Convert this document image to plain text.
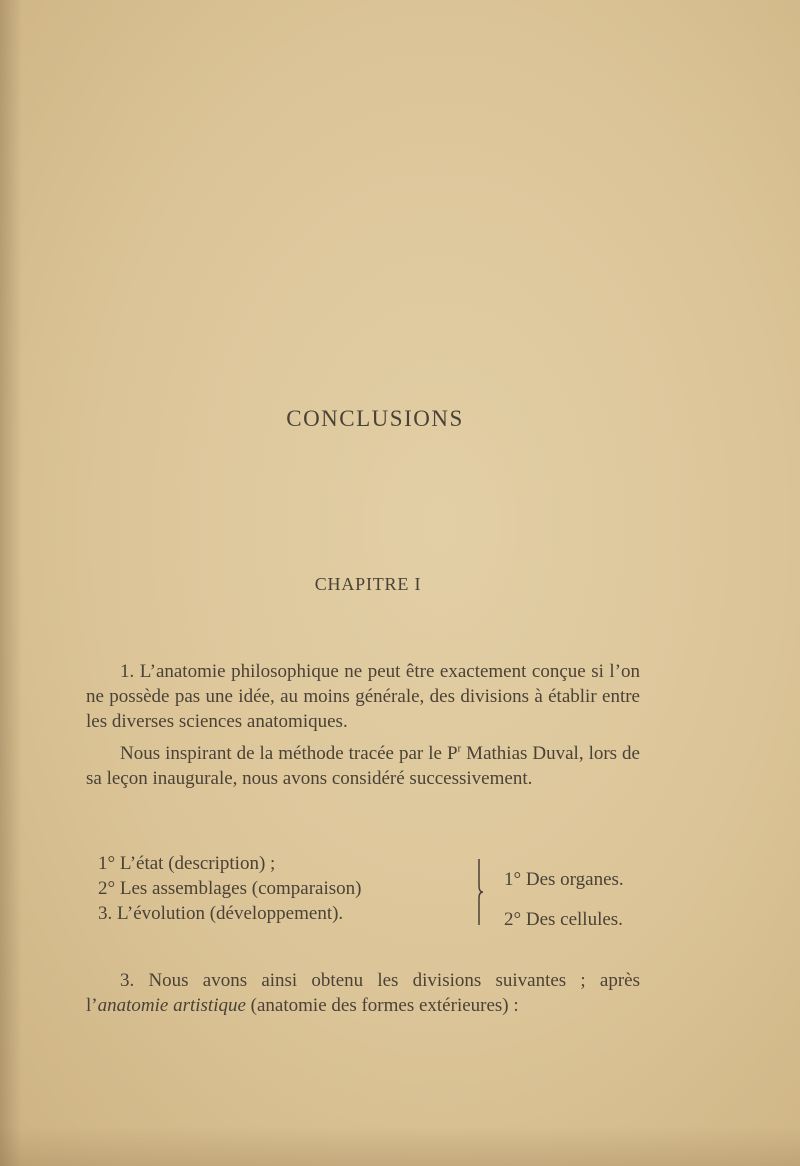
CONCLUSIONS
CHAPITRE I

1. L’anatomie philosophique ne peut être exactement conçue si l’on ne possède pas une idée, au moins générale, des divisions à établir entre les diverses sciences anatomiques.

Nous inspirant de la méthode tracée par le $P^r$ Mathias Duval, lors de sa leçon inaugurale, nous avons considéré successivement.

1° L’état (description) ;
2° Les assemblages (comparaison)
3. L’évolution (développement).
1° Des organes.
2° Des cellules.

3. Nous avons ainsi obtenu les divisions suivantes ; après l’anatomie artistique (anatomie des formes extérieures) :
